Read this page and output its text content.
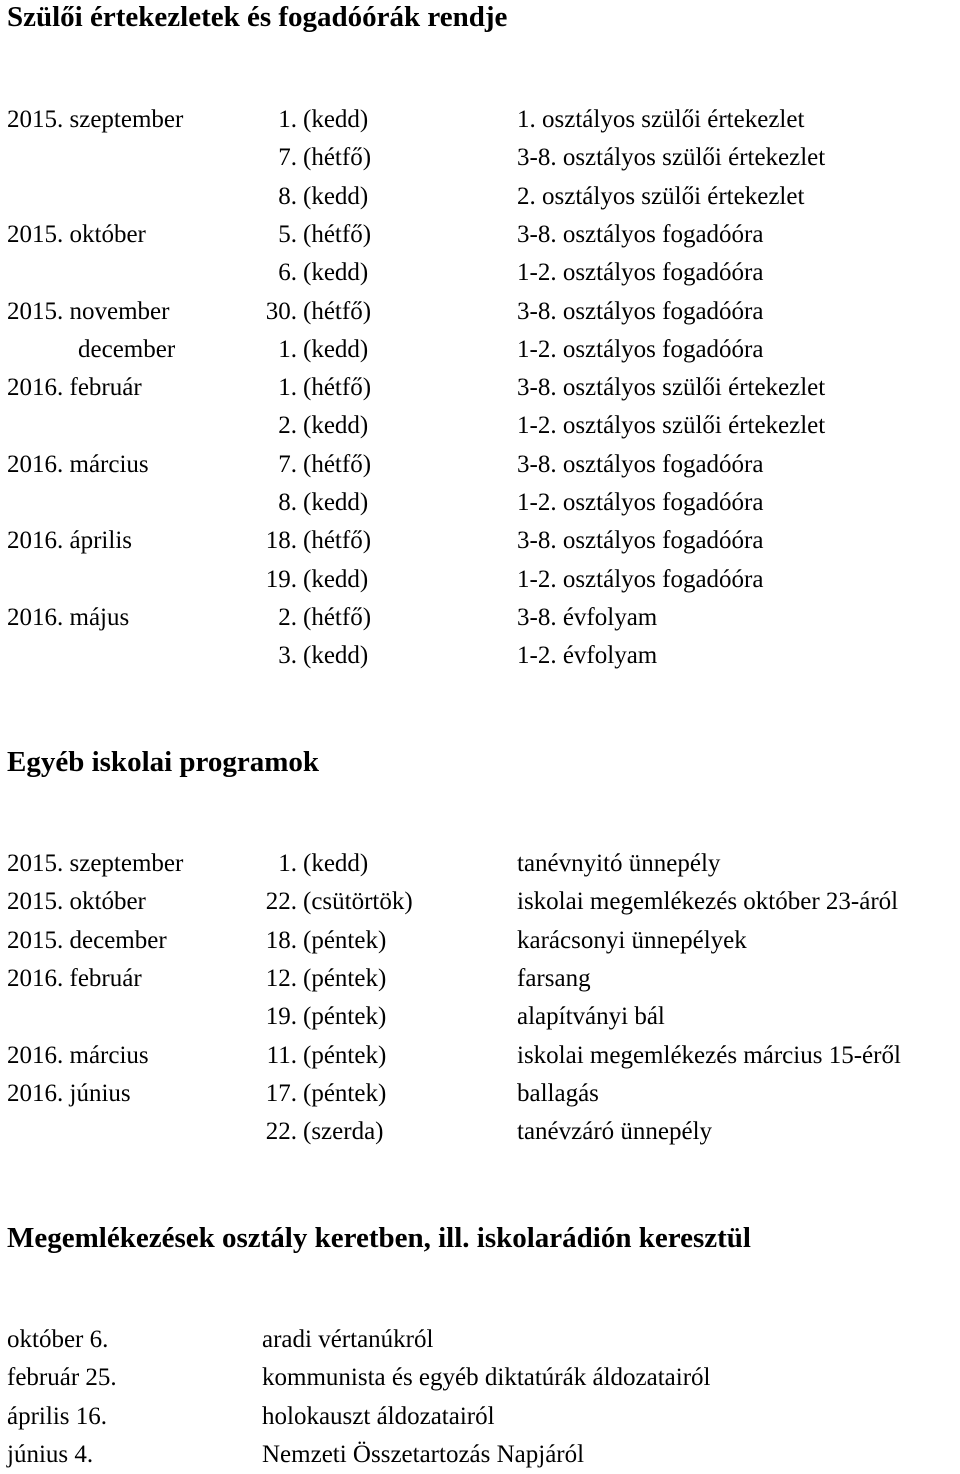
Szülői értekezletek és fogadóórák rendje
2015. szeptember	1. (kedd)	1. osztályos szülői értekezlet
7. (hétfő)	3-8. osztályos szülői értekezlet
8. (kedd)	2. osztályos szülői értekezlet
2015. október	5. (hétfő)	3-8. osztályos fogadóóra
6. (kedd)	1-2. osztályos fogadóóra
2015. november	30. (hétfő)	3-8. osztályos fogadóóra
december	1. (kedd)	1-2. osztályos fogadóóra
2016. február	1. (hétfő)	3-8. osztályos szülői értekezlet
2. (kedd)	1-2. osztályos szülői értekezlet
2016. március	7. (hétfő)	3-8. osztályos fogadóóra
8. (kedd)	1-2. osztályos fogadóóra
2016. április	18. (hétfő)	3-8. osztályos fogadóóra
19. (kedd)	1-2. osztályos fogadóóra
2016. május	2. (hétfő)	3-8. évfolyam
3. (kedd)	1-2. évfolyam
Egyéb iskolai programok
2015. szeptember	1. (kedd)	tanévnyitó ünnepély
2015. október	22. (csütörtök)	iskolai megemlékezés október 23-áról
2015. december	18. (péntek)	karácsonyi ünnepélyek
2016. február	12. (péntek)	farsang
19. (péntek)	alapítványi bál
2016. március	11. (péntek)	iskolai megemlékezés március 15-éről
2016. június	17. (péntek)	ballagás
22. (szerda)	tanévzáró ünnepély
Megemlékezések osztály keretben, ill. iskolarádión keresztül
október 6.	aradi vértanúkról
február 25.	kommunista és egyéb diktatúrák áldozatairól
április 16.	holokauszt áldozatairól
június 4.	Nemzeti Összetartozás Napjáról
